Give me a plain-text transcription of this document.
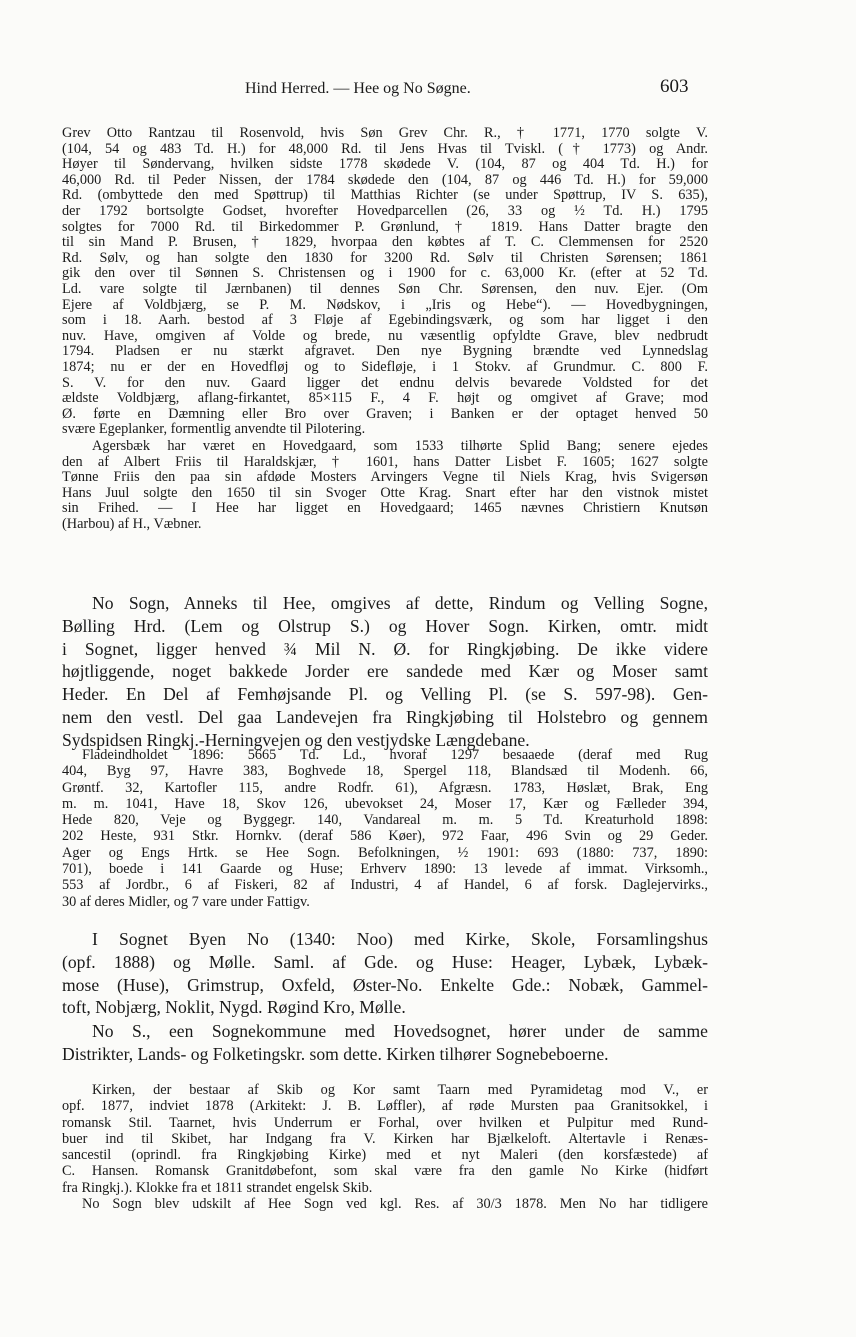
Hind Herred. — Hee og No Søgne.	603
Grev Otto Rantzau til Rosenvold, hvis Søn Grev Chr. R., † 1771, 1770 solgte V.
(104, 54 og 483 Td. H.) for 48,000 Rd. til Jens Hvas til Tviskl. († 1773) og Andr.
Høyer til Søndervang, hvilken sidste 1778 skødede V. (104, 87 og 404 Td. H.) for
46,000 Rd. til Peder Nissen, der 1784 skødede den (104, 87 og 446 Td. H.) for 59,000
Rd. (ombyttede den med Spøttrup) til Matthias Richter (se under Spøttrup, IV S. 635),
der 1792 bortsolgte Godset, hvorefter Hovedparcellen (26, 33 og ½ Td. H.) 1795
solgtes for 7000 Rd. til Birkedommer P. Grønlund, † 1819. Hans Datter bragte den
til sin Mand P. Brusen, † 1829, hvorpaa den købtes af T. C. Clemmensen for 2520
Rd. Sølv, og han solgte den 1830 for 3200 Rd. Sølv til Christen Sørensen; 1861
gik den over til Sønnen S. Christensen og i 1900 for c. 63,000 Kr. (efter at 52 Td.
Ld. vare solgte til Jærnbanen) til dennes Søn Chr. Sørensen, den nuv. Ejer. (Om
Ejere af Voldbjærg, se P. M. Nødskov, i „Iris og Hebe“). — Hovedbygningen,
som i 18. Aarh. bestod af 3 Fløje af Egebindingsværk, og som har ligget i den
nuv. Have, omgiven af Volde og brede, nu væsentlig opfyldte Grave, blev nedbrudt
1794. Pladsen er nu stærkt afgravet. Den nye Bygning brændte ved Lynnedslag
1874; nu er der en Hovedfløj og to Sidefløje, i 1 Stokv. af Grundmur. C. 800 F.
S. V. for den nuv. Gaard ligger det endnu delvis bevarede Voldsted for det
ældste Voldbjærg, aflang-firkantet, 85×115 F., 4 F. højt og omgivet af Grave; mod
Ø. førte en Dæmning eller Bro over Graven; i Banken er der optaget henved 50
svære Egeplanker, formentlig anvendte til Pilotering.
Agersbæk har været en Hovedgaard, som 1533 tilhørte Splid Bang; senere ejedes
den af Albert Friis til Haraldskjær, † 1601, hans Datter Lisbet F. 1605; 1627 solgte
Tønne Friis den paa sin afdøde Mosters Arvingers Vegne til Niels Krag, hvis Svigersøn
Hans Juul solgte den 1650 til sin Svoger Otte Krag. Snart efter har den vistnok mistet
sin Frihed. — I Hee har ligget en Hovedgaard; 1465 nævnes Christiern Knutsøn
(Harbou) af H., Væbner.
No Sogn, Anneks til Hee, omgives af dette, Rindum og Velling Sogne,
Bølling Hrd. (Lem og Olstrup S.) og Hover Sogn. Kirken, omtr. midt
i Sognet, ligger henved ¾ Mil N. Ø. for Ringkjøbing. De ikke videre
højtliggende, noget bakkede Jorder ere sandede med Kær og Moser samt
Heder. En Del af Femhøjsande Pl. og Velling Pl. (se S. 597-98). Gen-
nem den vestl. Del gaa Landevejen fra Ringkjøbing til Holstebro og gennem
Sydspidsen Ringkj.-Herningvejen og den vestjydske Længdebane.
Fladeindholdet 1896: 5665 Td. Ld., hvoraf 1297 besaaede (deraf med Rug
404, Byg 97, Havre 383, Boghvede 18, Spergel 118, Blandsæd til Modenh. 66,
Grøntf. 32, Kartofler 115, andre Rodfr. 61), Afgræsn. 1783, Høslæt, Brak, Eng
m. m. 1041, Have 18, Skov 126, ubevokset 24, Moser 17, Kær og Fælleder 394,
Hede 820, Veje og Byggegr. 140, Vandareal m. m. 5 Td. Kreaturhold 1898:
202 Heste, 931 Stkr. Hornkv. (deraf 586 Køer), 972 Faar, 496 Svin og 29 Geder.
Ager og Engs Hrtk. se Hee Sogn. Befolkningen, ½ 1901: 693 (1880: 737, 1890:
701), boede i 141 Gaarde og Huse; Erhverv 1890: 13 levede af immat. Virksomh.,
553 af Jordbr., 6 af Fiskeri, 82 af Industri, 4 af Handel, 6 af forsk. Daglejervirks.,
30 af deres Midler, og 7 vare under Fattigv.
I Sognet Byen No (1340: Noo) med Kirke, Skole, Forsamlingshus
(opf. 1888) og Mølle. Saml. af Gde. og Huse: Heager, Lybæk, Lybæk-
mose (Huse), Grimstrup, Oxfeld, Øster-No. Enkelte Gde.: Nobæk, Gammel-
toft, Nobjærg, Noklit, Nygd. Røgind Kro, Mølle.
No S., een Sognekommune med Hovedsognet, hører under de samme
Distrikter, Lands- og Folketingskr. som dette. Kirken tilhører Sognebeboerne.
Kirken, der bestaar af Skib og Kor samt Taarn med Pyramidetag mod V., er
opf. 1877, indviet 1878 (Arkitekt: J. B. Løffler), af røde Mursten paa Granitsokkel, i
romansk Stil. Taarnet, hvis Underrum er Forhal, over hvilken et Pulpitur med Rund-
buer ind til Skibet, har Indgang fra V. Kirken har Bjælkeloft. Altertavle i Renæs-
sancestil (oprindl. fra Ringkjøbing Kirke) med et nyt Maleri (den korsfæstede) af
C. Hansen. Romansk Granitdøbefont, som skal være fra den gamle No Kirke (hidført
fra Ringkj.). Klokke fra et 1811 strandet engelsk Skib.
No Sogn blev udskilt af Hee Sogn ved kgl. Res. af 30/3 1878. Men No har tidligere
